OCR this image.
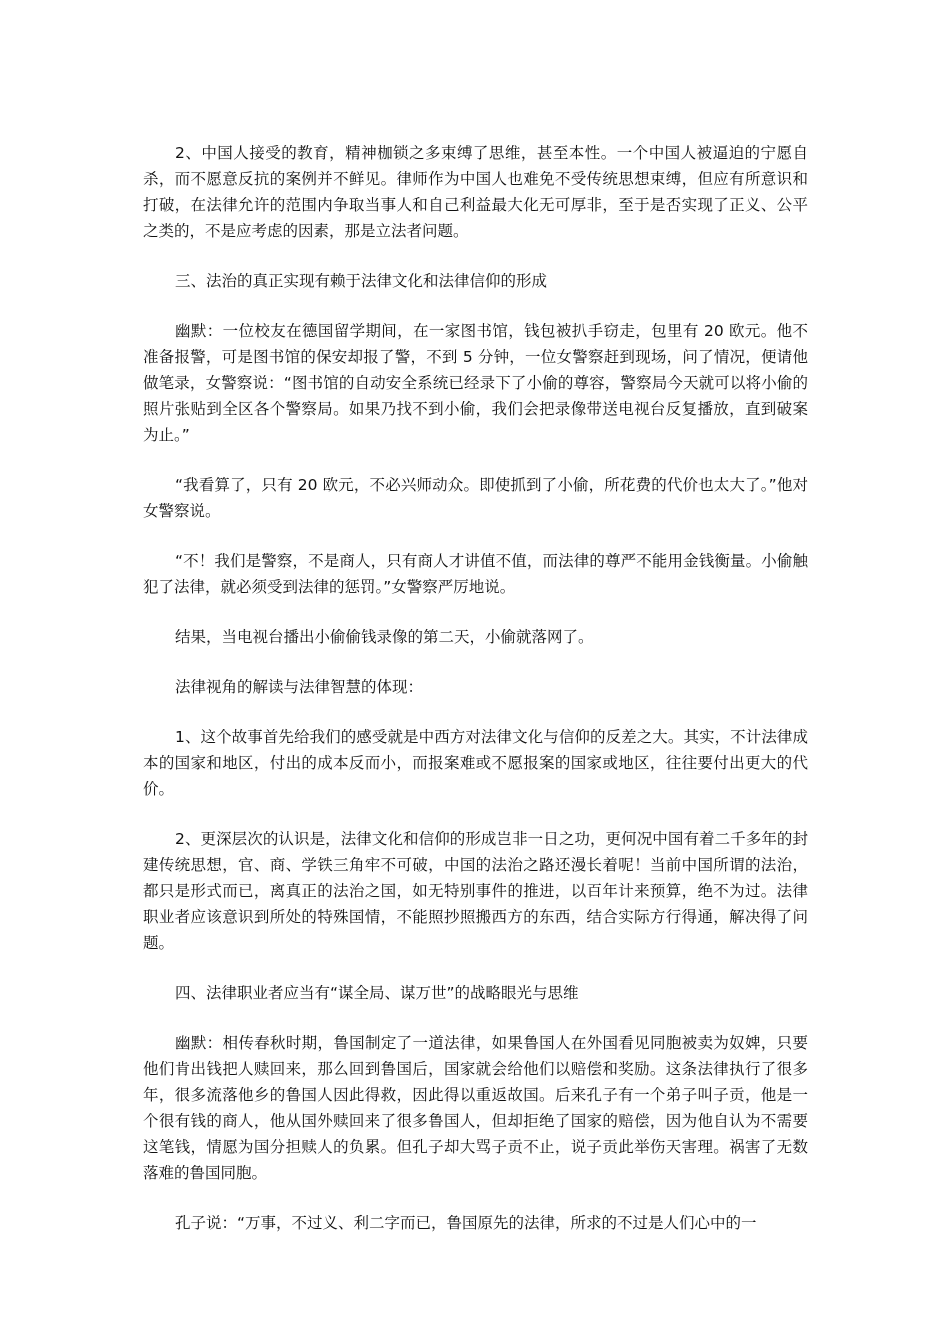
2、中国人接受的教育，精神枷锁之多束缚了思维，甚至本性。一个中国人被逼迫的宁愿自杀，而不愿意反抗的案例并不鲜见。律师作为中国人也难免不受传统思想束缚，但应有所意识和打破，在法律允许的范围内争取当事人和自己利益最大化无可厚非，至于是否实现了正义、公平之类的，不是应考虑的因素，那是立法者问题。

三、法治的真正实现有赖于法律文化和法律信仰的形成

幽默：一位校友在德国留学期间，在一家图书馆，钱包被扒手窃走，包里有 20 欧元。他不准备报警，可是图书馆的保安却报了警，不到 5 分钟，一位女警察赶到现场，问了情况，便请他做笔录，女警察说：“图书馆的自动安全系统已经录下了小偷的尊容，警察局今天就可以将小偷的照片张贴到全区各个警察局。如果乃找不到小偷，我们会把录像带送电视台反复播放，直到破案为止。”

“我看算了，只有 20 欧元，不必兴师动众。即使抓到了小偷，所花费的代价也太大了。”他对女警察说。

“不！我们是警察，不是商人，只有商人才讲值不值，而法律的尊严不能用金钱衡量。小偷触犯了法律，就必须受到法律的惩罚。”女警察严厉地说。

结果，当电视台播出小偷偷钱录像的第二天，小偷就落网了。

法律视角的解读与法律智慧的体现：

1、这个故事首先给我们的感受就是中西方对法律文化与信仰的反差之大。其实，不计法律成本的国家和地区，付出的成本反而小，而报案难或不愿报案的国家或地区，往往要付出更大的代价。

2、更深层次的认识是，法律文化和信仰的形成岂非一日之功，更何况中国有着二千多年的封建传统思想，官、商、学铁三角牢不可破，中国的法治之路还漫长着呢！当前中国所谓的法治，都只是形式而已，离真正的法治之国，如无特别事件的推进，以百年计来预算，绝不为过。法律职业者应该意识到所处的特殊国情，不能照抄照搬西方的东西，结合实际方行得通，解决得了问题。

四、法律职业者应当有“谋全局、谋万世”的战略眼光与思维

幽默：相传春秋时期，鲁国制定了一道法律，如果鲁国人在外国看见同胞被卖为奴婢，只要他们肯出钱把人赎回来，那么回到鲁国后，国家就会给他们以赔偿和奖励。这条法律执行了很多年，很多流落他乡的鲁国人因此得救，因此得以重返故国。后来孔子有一个弟子叫子贡，他是一个很有钱的商人，他从国外赎回来了很多鲁国人，但却拒绝了国家的赔偿，因为他自认为不需要这笔钱，情愿为国分担赎人的负累。但孔子却大骂子贡不止，说子贡此举伤天害理。祸害了无数落难的鲁国同胞。

孔子说：“万事，不过义、利二字而已，鲁国原先的法律，所求的不过是人们心中的一
